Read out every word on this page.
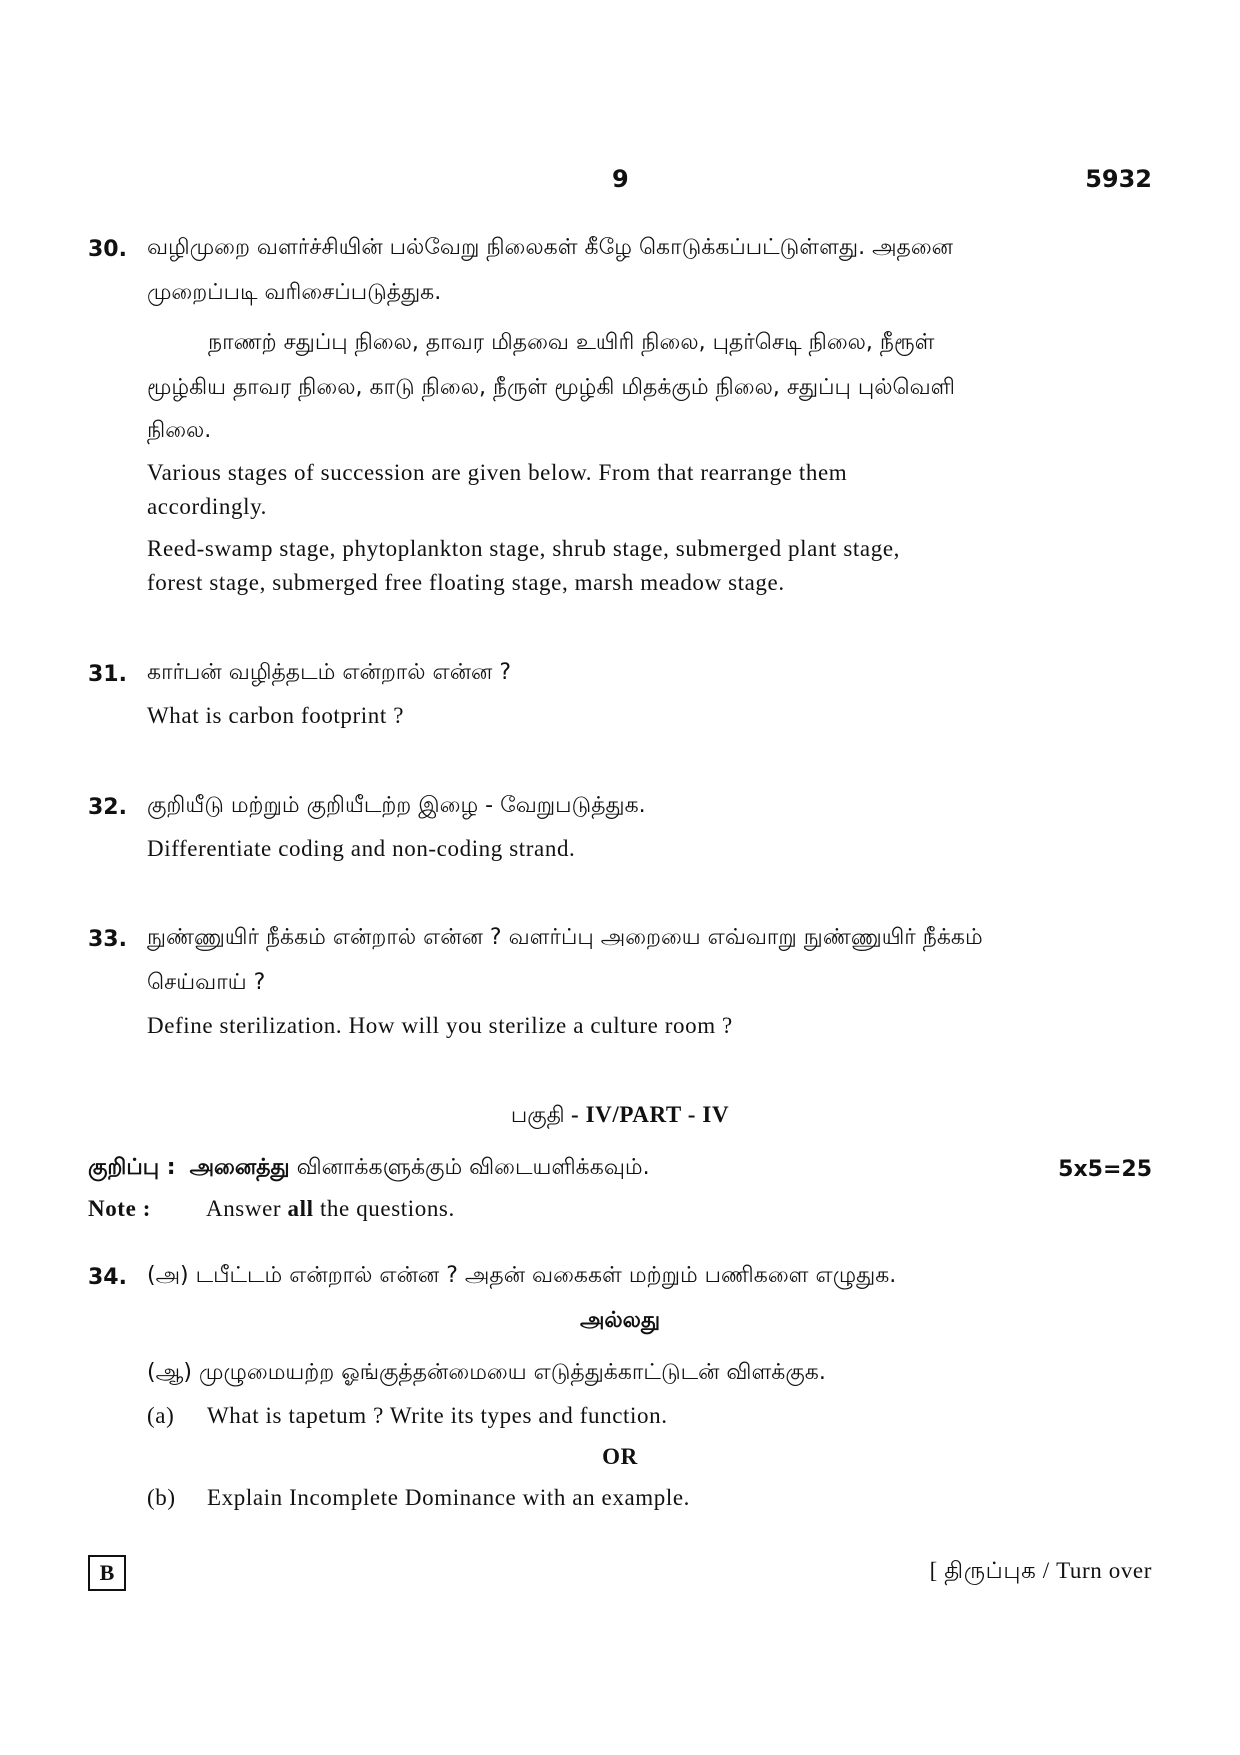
9	5932
30. வழிமுறை வளர்ச்சியின் பல்வேறு நிலைகள் கீழே கொடுக்கப்பட்டுள்ளது. அதனை
முறைப்படி வரிசைப்படுத்துக.
நாணற் சதுப்பு நிலை, தாவர மிதவை உயிரி நிலை, புதர்செடி நிலை, நீரூள்
மூழ்கிய தாவர நிலை, காடு நிலை, நீருள் மூழ்கி மிதக்கும் நிலை, சதுப்பு புல்வெளி
நிலை.
Various stages of succession are given below. From that rearrange them
accordingly.
Reed-swamp stage, phytoplankton stage, shrub stage, submerged plant stage,
forest stage, submerged free floating stage, marsh meadow stage.
31. கார்பன் வழித்தடம் என்றால் என்ன ?
What is carbon footprint ?
32. குறியீடு மற்றும் குறியீடற்ற இழை - வேறுபடுத்துக.
Differentiate coding and non-coding strand.
33. நுண்ணுயிர் நீக்கம் என்றால் என்ன ? வளர்ப்பு அறையை எவ்வாறு நுண்ணுயிர் நீக்கம்
செய்வாய் ?
Define sterilization. How will you sterilize a culture room ?
பகுதி - IV/PART - IV
குறிப்பு : அனைத்து வினாக்களுக்கும் விடையளிக்கவும்.	5x5=25
Note : Answer all the questions.
34. (அ) டபீட்டம் என்றால் என்ன ? அதன் வகைகள் மற்றும் பணிகளை எழுதுக.
அல்லது
(ஆ) முழுமையற்ற ஓங்குத்தன்மையை எடுத்துக்காட்டுடன் விளக்குக.
(a) What is tapetum ? Write its types and function.
OR
(b) Explain Incomplete Dominance with an example.
B	[ திருப்புக / Turn over
